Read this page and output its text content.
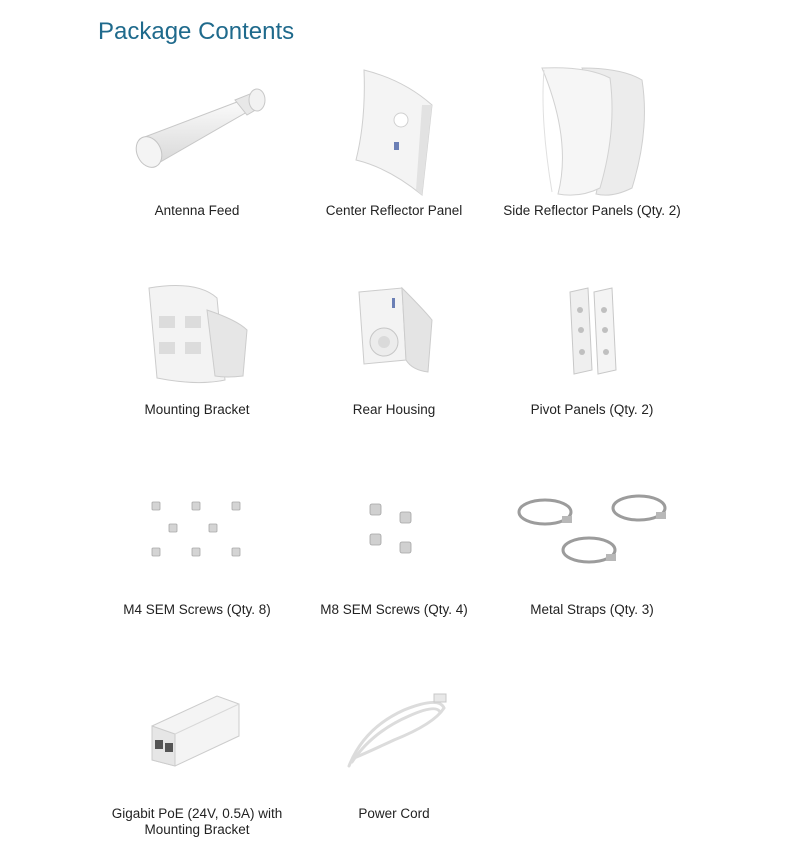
Package Contents
Antenna Feed	Center Reflector Panel	Side Reflector Panels (Qty. 2)
Mounting Bracket	Rear Housing	Pivot Panels (Qty. 2)
M4 SEM Screws (Qty. 8)	M8 SEM Screws (Qty. 4)	Metal Straps (Qty. 3)
Gigabit PoE (24V, 0.5A) with Mounting Bracket
Power Cord
